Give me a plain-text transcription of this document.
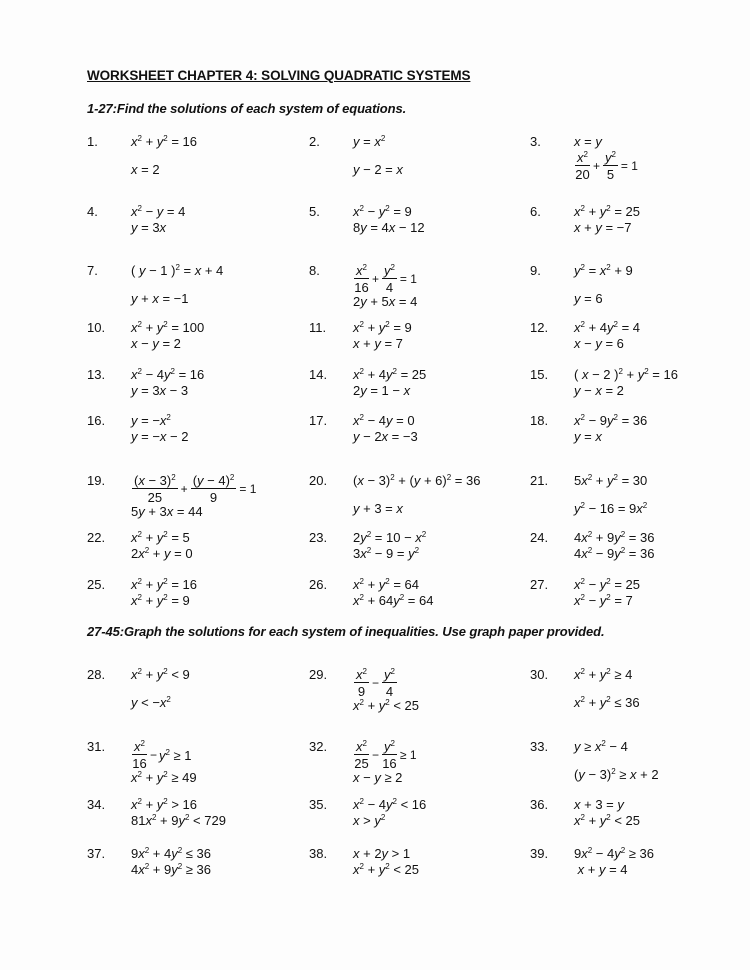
WORKSHEET CHAPTER 4: SOLVING QUADRATIC SYSTEMS
1-27:Find the solutions of each system of equations.
27-45:Graph the solutions for each system of inequalities. Use graph paper provided.
1.	$x^2 + y^2 = 16$
x = 2
2.	$y = x^2$
y − 2 = x
3.	x = y
$\frac{x^2}{20} + \frac{y^2}{5} = 1$
4.	$x^2 - y = 4$
y = 3x
5.	$x^2 - y^2 = 9$
8y = 4x − 12
6.	$x^2 + y^2 = 25$
x + y = −7
7.	( y − 1 )$^2$ = x + 4
y + x = −1
8.	$\frac{x^2}{16} + \frac{y^2}{4} = 1$
2y + 5x = 4
9.	$y^2 = x^2 + 9$
y = 6
10. $x^2 + y^2 = 100$
x − y = 2
11. $x^2 + y^2 = 9$
x + y = 7
12. $x^2 + 4y^2 = 4$
x − y = 6
13. $x^2 - 4y^2 = 16$
y = 3x − 3
14. $x^2 + 4y^2 = 25$
2y = 1 − x
15. ( x − 2 )$^2 + y^2 = 16$
y − x = 2
16. $y = -x^2$
y = −x − 2
17. $x^2 - 4y = 0$
y − 2x = −3
18. $x^2 - 9y^2 = 36$
y = x
19. $\frac{(x - 3)^2}{25} + \frac{(y - 4)^2}{9} = 1$
5y + 3x = 44
20. $(x - 3)^2 + (y + 6)^2 = 36$
y + 3 = x
21. $5x^2 + y^2 = 30$
$y^2 - 16 = 9x^2$
22. $x^2 + y^2 = 5$
$2x^2 + y = 0$
23. $2y^2 = 10 - x^2$
$3x^2 - 9 = y^2$
24. $4x^2 + 9y^2 = 36$
$4x^2 - 9y^2 = 36$
25. $x^2 + y^2 = 16$
$x^2 + y^2 = 9$
26. $x^2 + y^2 = 64$
$x^2 + 64y^2 = 64$
27. $x^2 - y^2 = 25$
$x^2 - y^2 = 7$
28. $x^2 + y^2 < 9$
$y < -x^2$
29. $\frac{x^2}{9} - \frac{y^2}{4}$
$x^2 + y^2 < 25$
30. $x^2 + y^2 \ge 4$
$x^2 + y^2 \le 36$
31. $\frac{x^2}{16} - y^2 \ge 1$
$x^2 + y^2 \ge 49$
32. $\frac{x^2}{25} - \frac{y^2}{16} \ge 1$
x − y ≥ 2
33. $y \ge x^2 - 4$
$(y - 3)^2 \ge x + 2$
34. $x^2 + y^2 > 16$
$81x^2 + 9y^2 < 729$
35. $x^2 - 4y^2 < 16$
$x > y^2$
36. x + 3 = y
$x^2 + y^2 < 25$
37. $9x^2 + 4y^2 \le 36$
$4x^2 + 9y^2 \ge 36$
38. x + 2y > 1
$x^2 + y^2 < 25$
39. $9x^2 - 4y^2 \ge 36$
x + y = 4
